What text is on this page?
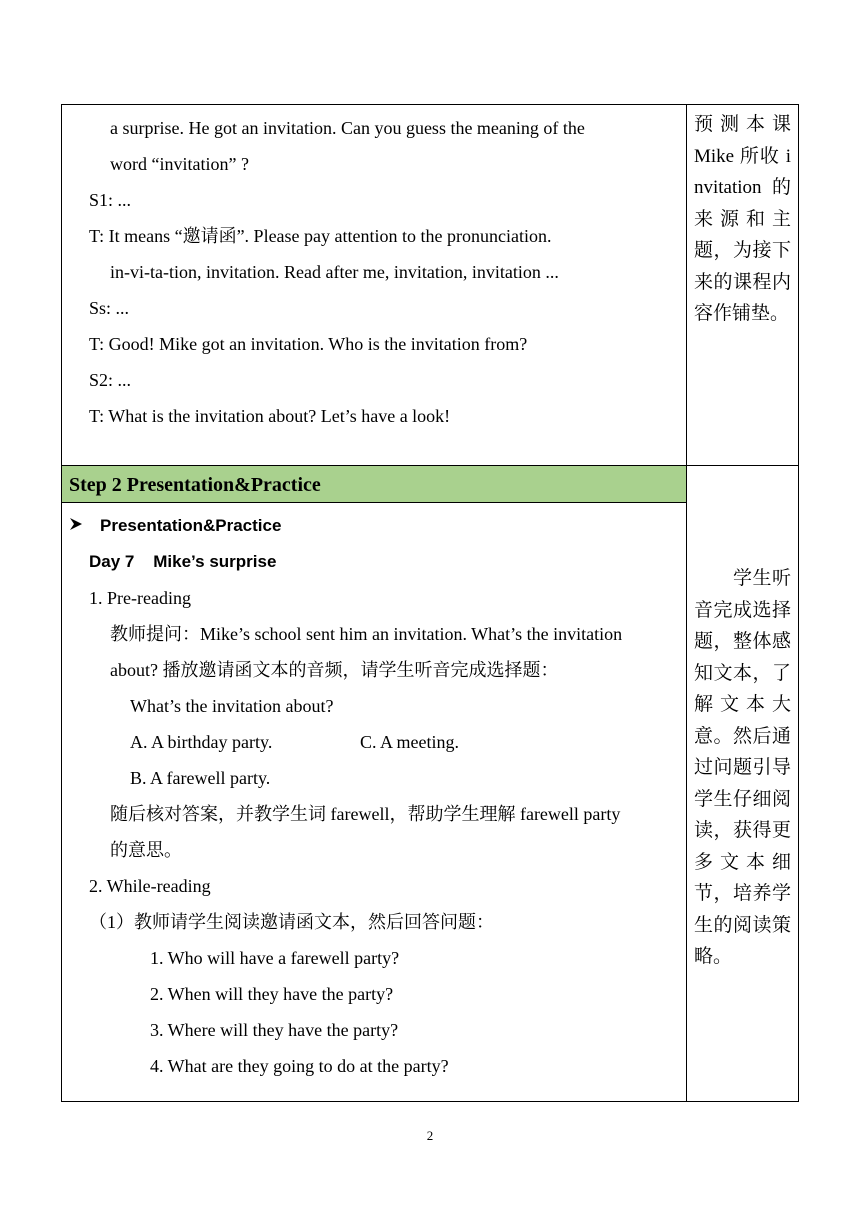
a surprise. He got an invitation. Can you guess the meaning of the
word “invitation” ?
S1: ...
T: It means “邀请函”. Please pay attention to the pronunciation.
in-vi-ta-tion, invitation. Read after me, invitation, invitation ...
Ss: ...
T: Good! Mike got an invitation. Who is the invitation from?
S2: ...
T: What is the invitation about? Let’s have a look!
预测本课 Mike 所收 invitation 的来源和主题，为接下来的课程内容作铺垫。
Step 2 Presentation&Practice
Presentation&Practice
Day 7    Mike’s surprise
1. Pre-reading
教师提问：Mike’s school sent him an invitation. What’s the invitation
about? 播放邀请函文本的音频，请学生听音完成选择题：
What’s the invitation about?
A. A birthday party.	C. A meeting.
B. A farewell party.
随后核对答案，并教学生词 farewell，帮助学生理解 farewell party
的意思。
2. While-reading
（1）教师请学生阅读邀请函文本，然后回答问题：
1. Who will have a farewell party?
2. When will they have the party?
3. Where will they have the party?
4. What are they going to do at the party?
　　学生听音完成选择题，整体感知文本，了解文本大意。然后通过问题引导学生仔细阅读，获得更多文本细节，培养学生的阅读策略。
2
